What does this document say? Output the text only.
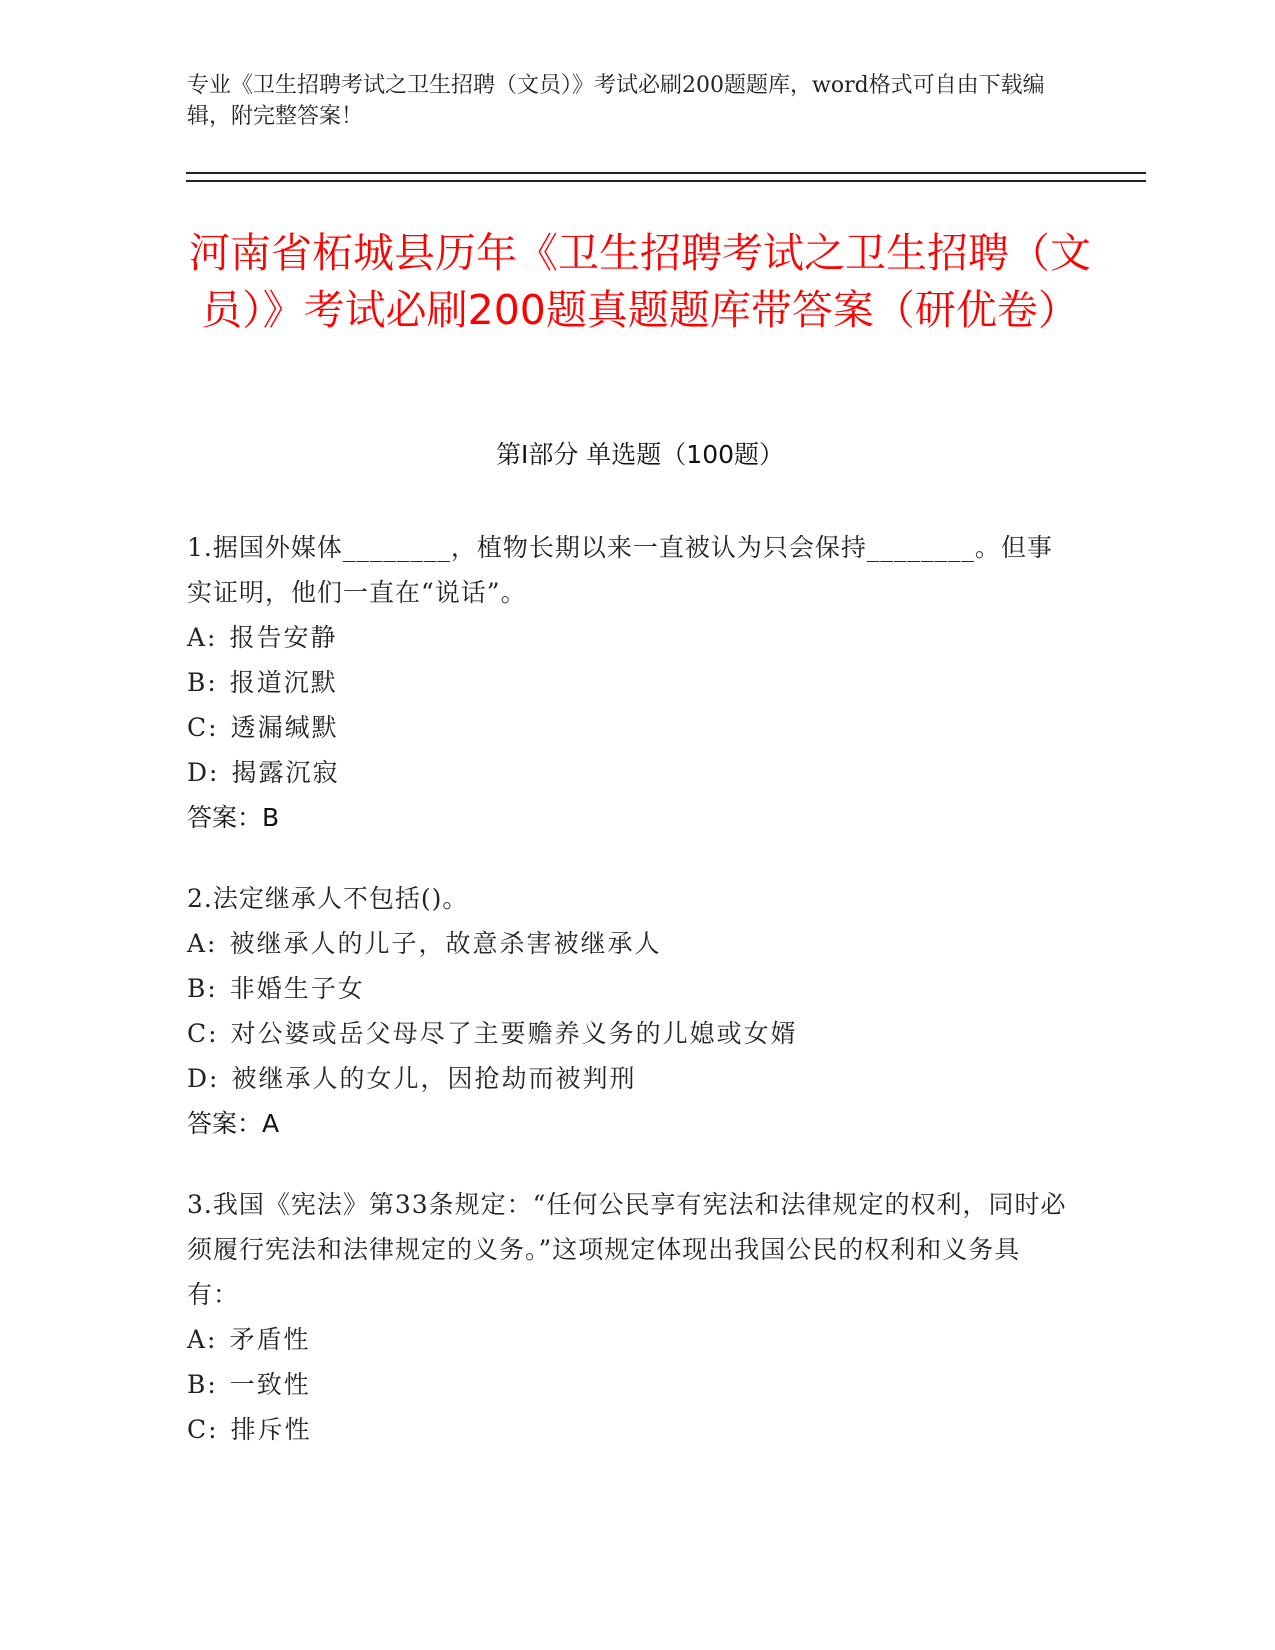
专业《卫生招聘考试之卫生招聘（文员）》考试必刷200题题库，word格式可自由下载编辑，附完整答案！
河南省柘城县历年《卫生招聘考试之卫生招聘（文员）》考试必刷200题真题题库带答案（研优卷）
第Ⅰ部分 单选题（100题）
1.据国外媒体________，植物长期以来一直被认为只会保持________。但事实证明，他们一直在“说话”。
A: 报告安静
B: 报道沉默
C: 透漏缄默
D: 揭露沉寂
答案：B
2.法定继承人不包括()。
A: 被继承人的儿子，故意杀害被继承人
B: 非婚生子女
C: 对公婆或岳父母尽了主要赡养义务的儿媳或女婿
D: 被继承人的女儿，因抢劫而被判刑
答案：A
3.我国《宪法》第33条规定：“任何公民享有宪法和法律规定的权利，同时必须履行宪法和法律规定的义务。”这项规定体现出我国公民的权利和义务具有：
A: 矛盾性
B: 一致性
C: 排斥性
